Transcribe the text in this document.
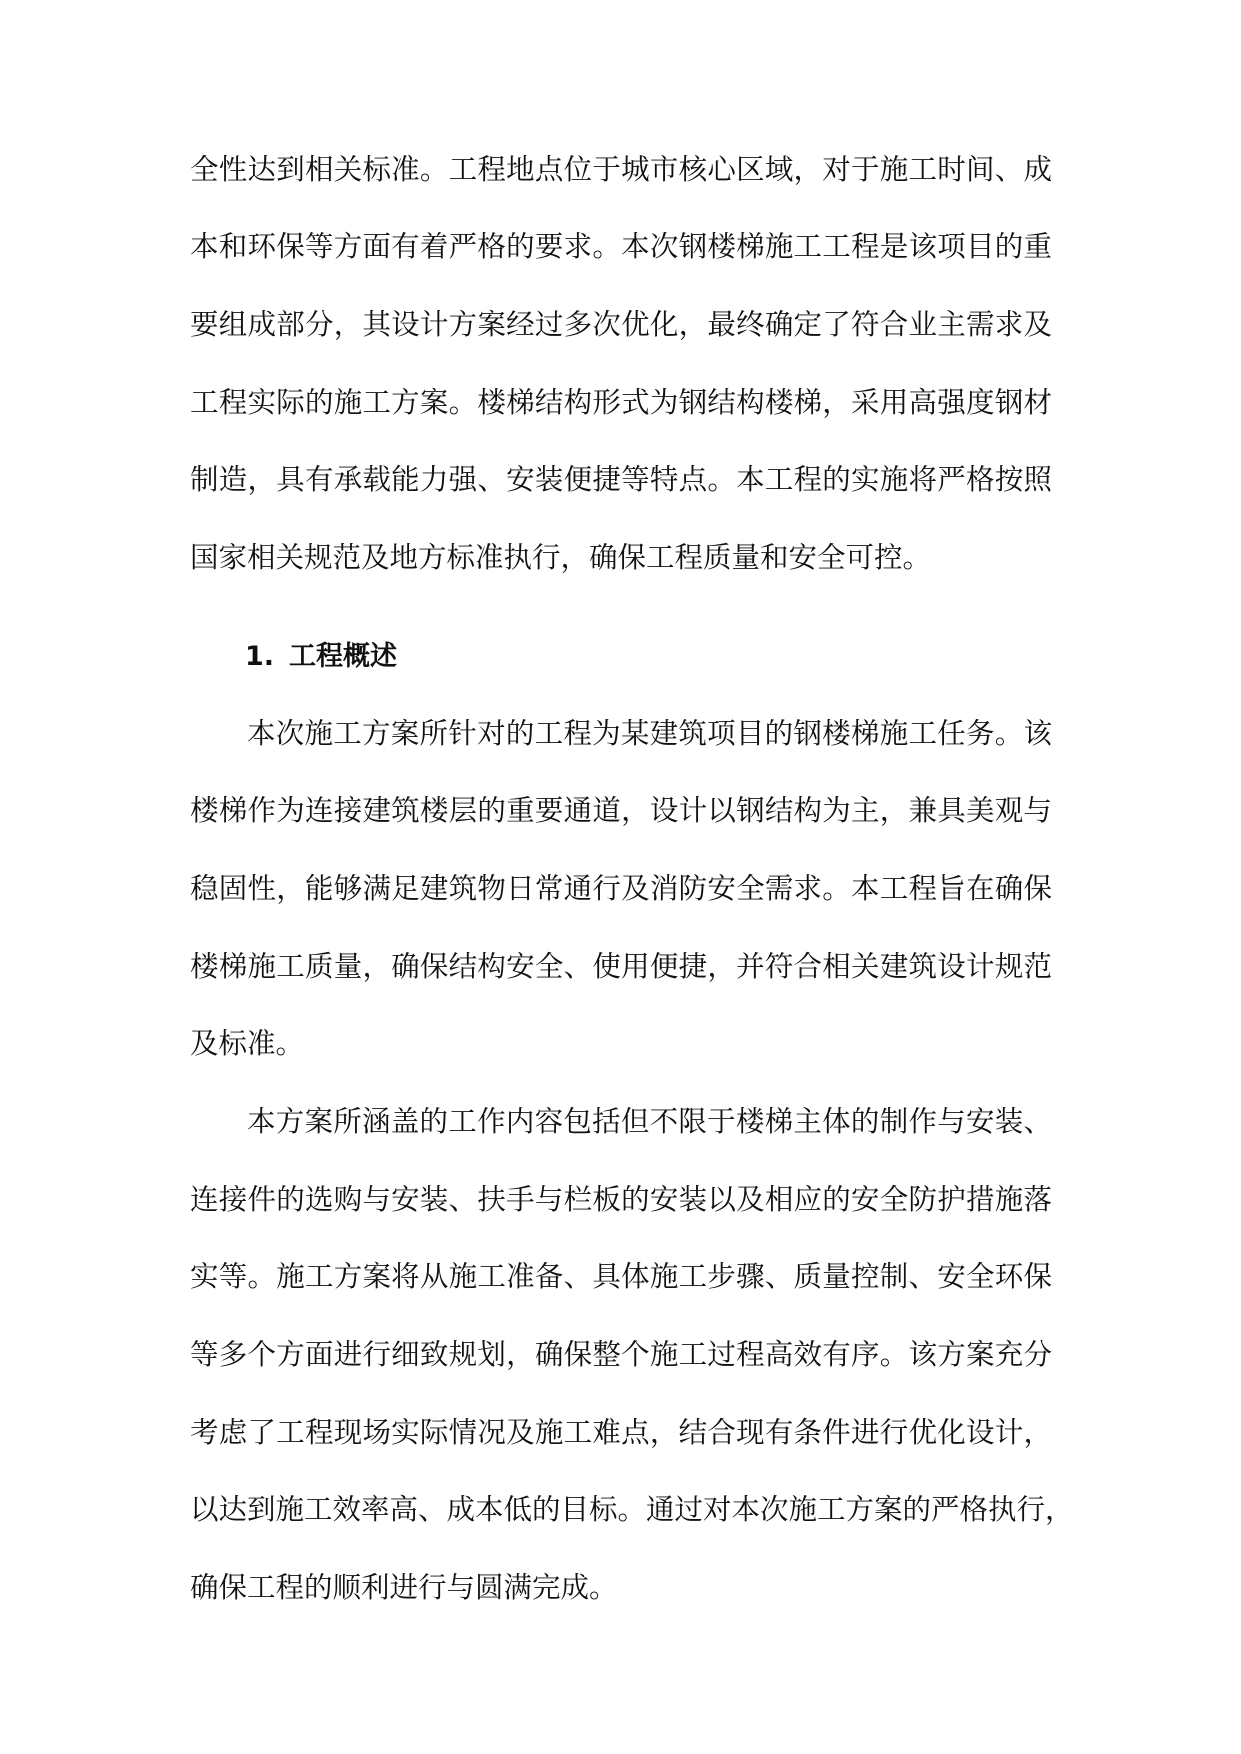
全性达到相关标准。工程地点位于城市核心区域，对于施工时间、成
本和环保等方面有着严格的要求。本次钢楼梯施工工程是该项目的重
要组成部分，其设计方案经过多次优化，最终确定了符合业主需求及
工程实际的施工方案。楼梯结构形式为钢结构楼梯，采用高强度钢材
制造，具有承载能力强、安装便捷等特点。本工程的实施将严格按照
国家相关规范及地方标准执行，确保工程质量和安全可控。
1. 工程概述
本次施工方案所针对的工程为某建筑项目的钢楼梯施工任务。该
楼梯作为连接建筑楼层的重要通道，设计以钢结构为主，兼具美观与
稳固性，能够满足建筑物日常通行及消防安全需求。本工程旨在确保
楼梯施工质量，确保结构安全、使用便捷，并符合相关建筑设计规范
及标准。
本方案所涵盖的工作内容包括但不限于楼梯主体的制作与安装、
连接件的选购与安装、扶手与栏板的安装以及相应的安全防护措施落
实等。施工方案将从施工准备、具体施工步骤、质量控制、安全环保
等多个方面进行细致规划，确保整个施工过程高效有序。该方案充分
考虑了工程现场实际情况及施工难点，结合现有条件进行优化设计，
以达到施工效率高、成本低的目标。通过对本次施工方案的严格执行，
确保工程的顺利进行与圆满完成。
